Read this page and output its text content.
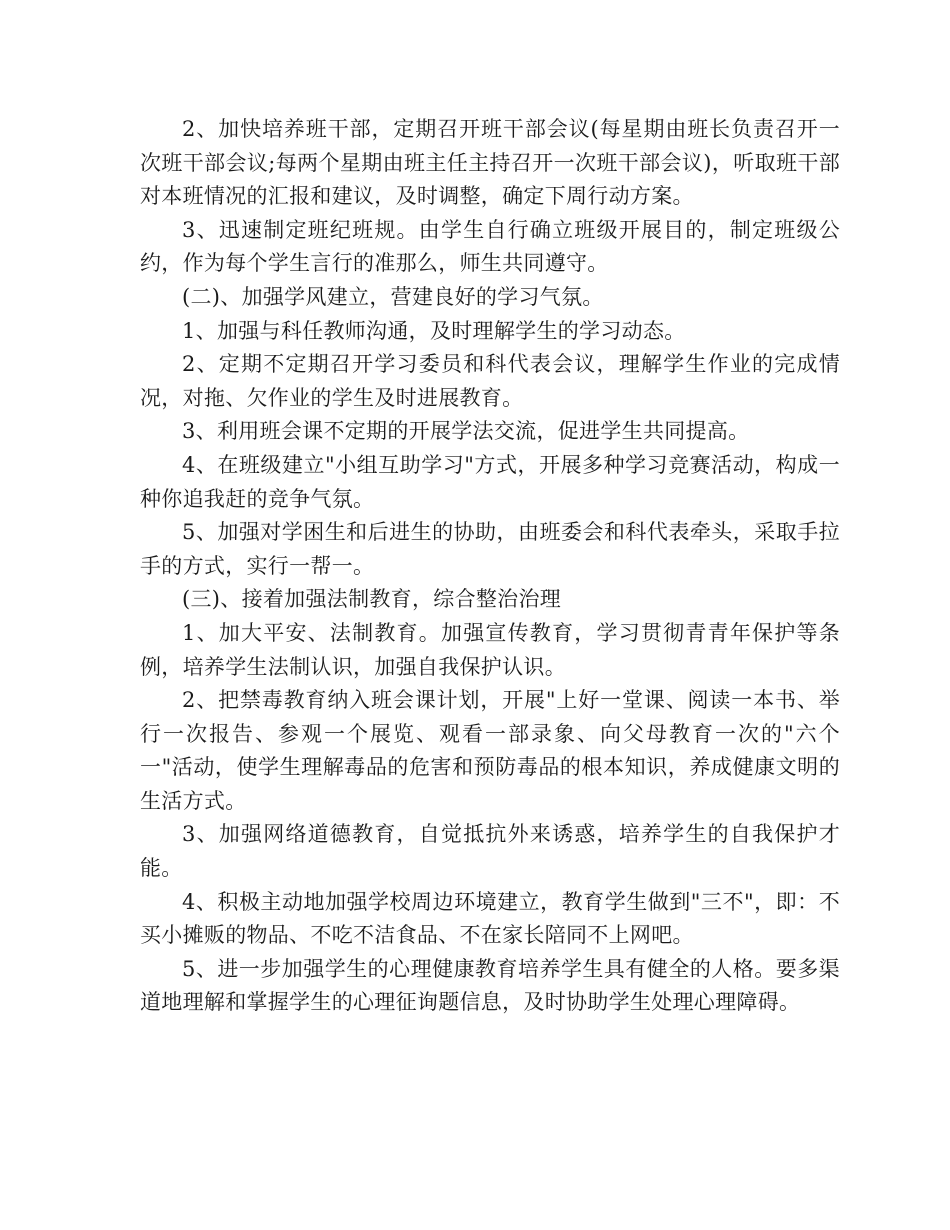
2、加快培养班干部，定期召开班干部会议(每星期由班长负责召开一次班干部会议;每两个星期由班主任主持召开一次班干部会议)，听取班干部对本班情况的汇报和建议，及时调整，确定下周行动方案。

3、迅速制定班纪班规。由学生自行确立班级开展目的，制定班级公约，作为每个学生言行的准那么，师生共同遵守。

(二)、加强学风建立，营建良好的学习气氛。

1、加强与科任教师沟通，及时理解学生的学习动态。

2、定期不定期召开学习委员和科代表会议，理解学生作业的完成情况，对拖、欠作业的学生及时进展教育。

3、利用班会课不定期的开展学法交流，促进学生共同提高。

4、在班级建立"小组互助学习"方式，开展多种学习竞赛活动，构成一种你追我赶的竞争气氛。

5、加强对学困生和后进生的协助，由班委会和科代表牵头，采取手拉手的方式，实行一帮一。

(三)、接着加强法制教育，综合整治治理

1、加大平安、法制教育。加强宣传教育，学习贯彻青青年保护等条例，培养学生法制认识，加强自我保护认识。

2、把禁毒教育纳入班会课计划，开展"上好一堂课、阅读一本书、举行一次报告、参观一个展览、观看一部录象、向父母教育一次的"六个一"活动，使学生理解毒品的危害和预防毒品的根本知识，养成健康文明的生活方式。

3、加强网络道德教育，自觉抵抗外来诱惑，培养学生的自我保护才能。

4、积极主动地加强学校周边环境建立，教育学生做到"三不"，即：不买小摊贩的物品、不吃不洁食品、不在家长陪同不上网吧。

5、进一步加强学生的心理健康教育培养学生具有健全的人格。要多渠道地理解和掌握学生的心理征询题信息，及时协助学生处理心理障碍。
